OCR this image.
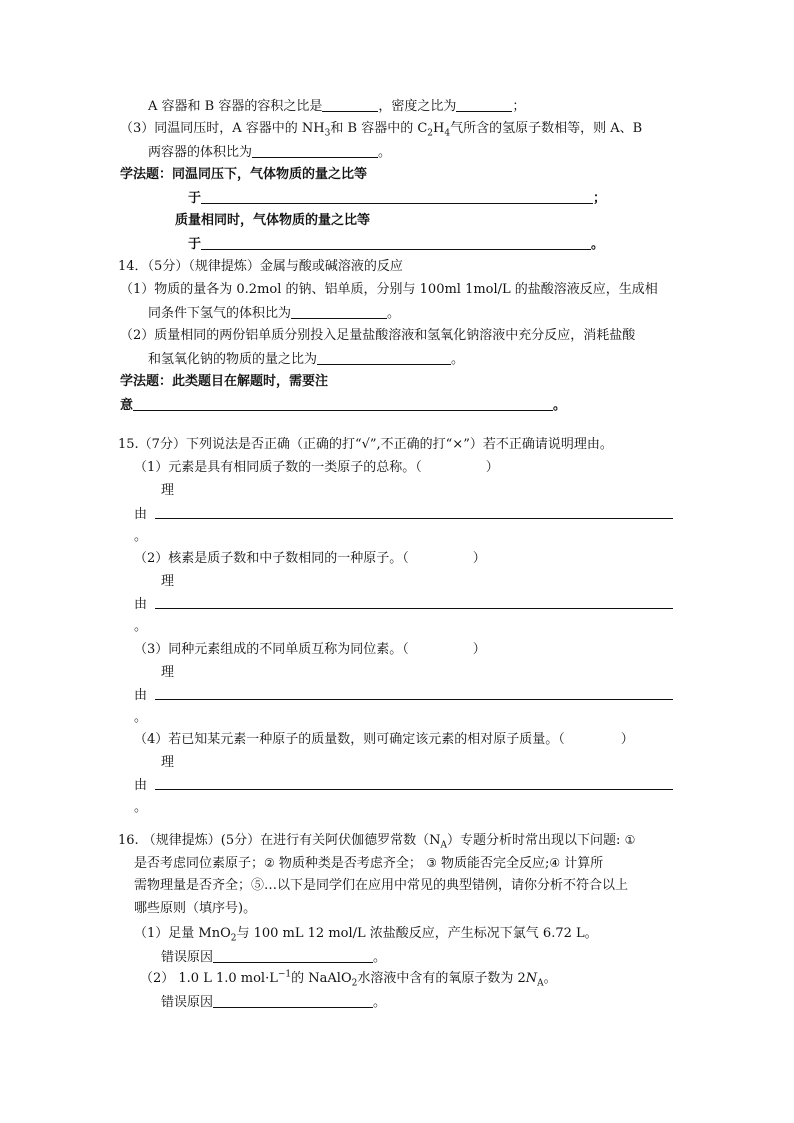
A 容器和 B 容器的容积之比是	，密度之比为	；
（3）同温同压时，A 容器中的 $NH_3$和 B 容器中的 $C_2H_4$气所含的氢原子数相等，则 A、B
两容器的体积比为	。
学法题：同温同压下，气体物质的量之比等
于	；
质量相同时，气体物质的量之比等
于	。
14．（5分）（规律提炼）金属与酸或碱溶液的反应
（1）物质的量各为 0.2mol 的钠、铝单质，分别与 100ml 1mol/L 的盐酸溶液反应，生成相
同条件下氢气的体积比为	。
（2）质量相同的两份铝单质分别投入足量盐酸溶液和氢氧化钠溶液中充分反应，消耗盐酸
和氢氧化钠的物质的量之比为	。
学法题：此类题目在解题时，需要注
意	。
15.（7分）下列说法是否正确（正确的打“√”,不正确的打“×”）若不正确请说明理由。
（1）元素是具有相同质子数的一类原子的总称。（	）
理
由
。
（2）核素是质子数和中子数相同的一种原子。（	）
理
由
。
（3）同种元素组成的不同单质互称为同位素。（	）
理
由
。
（4）若已知某元素一种原子的质量数，则可确定该元素的相对原子质量。（	）
理
由
。
16. （规律提炼）(5分）在进行有关阿伏伽德罗常数$(N_A)$专题分析时常出现以下问题: ①
是否考虑同位素原子；② 物质种类是否考虑齐全； ③ 物质能否完全反应;④ 计算所
需物理量是否齐全；⑤…以下是同学们在应用中常见的典型错例，请你分析不符合以上
哪些原则（填序号)。
（1）足量 MnO$_2$与 100 mL 12 mol/L 浓盐酸反应，产生标况下氯气 6.72 L。
错误原因	。
（2） 1.0 L 1.0 $mol\cdot L^{-1}$的 NaAlO$_2$水溶液中含有的氧原子数为 $2N_A$。
错误原因	。
